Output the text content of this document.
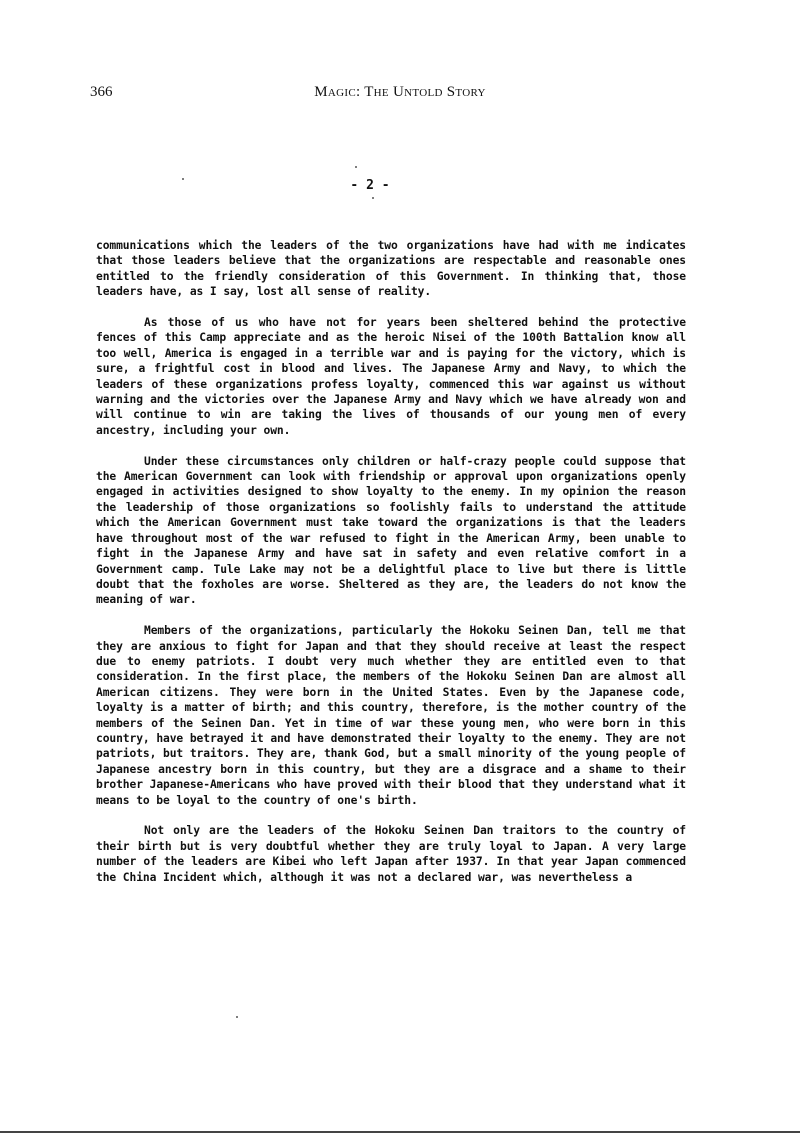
366	Magic: The Untold Story
- 2 -

communications which the leaders of the two organizations have had with me indicates that those leaders believe that the organizations are respectable and reasonable ones entitled to the friendly consideration of this Government. In thinking that, those leaders have, as I say, lost all sense of reality.

As those of us who have not for years been sheltered behind the protective fences of this Camp appreciate and as the heroic Nisei of the 100th Battalion know all too well, America is engaged in a terrible war and is paying for the victory, which is sure, a frightful cost in blood and lives. The Japanese Army and Navy, to which the leaders of these organizations profess loyalty, commenced this war against us without warning and the victories over the Japanese Army and Navy which we have already won and will continue to win are taking the lives of thousands of our young men of every ancestry, including your own.

Under these circumstances only children or half-crazy people could suppose that the American Government can look with friendship or approval upon organizations openly engaged in activities designed to show loyalty to the enemy. In my opinion the reason the leadership of those organizations so foolishly fails to understand the attitude which the American Government must take toward the organizations is that the leaders have throughout most of the war refused to fight in the American Army, been unable to fight in the Japanese Army and have sat in safety and even relative comfort in a Government camp. Tule Lake may not be a delightful place to live but there is little doubt that the foxholes are worse. Sheltered as they are, the leaders do not know the meaning of war.

Members of the organizations, particularly the Hokoku Seinen Dan, tell me that they are anxious to fight for Japan and that they should receive at least the respect due to enemy patriots. I doubt very much whether they are entitled even to that consideration. In the first place, the members of the Hokoku Seinen Dan are almost all American citizens. They were born in the United States. Even by the Japanese code, loyalty is a matter of birth; and this country, therefore, is the mother country of the members of the Seinen Dan. Yet in time of war these young men, who were born in this country, have betrayed it and have demonstrated their loyalty to the enemy. They are not patriots, but traitors. They are, thank God, but a small minority of the young people of Japanese ancestry born in this country, but they are a disgrace and a shame to their brother Japanese-Americans who have proved with their blood that they understand what it means to be loyal to the country of one's birth.

Not only are the leaders of the Hokoku Seinen Dan traitors to the country of their birth but is very doubtful whether they are truly loyal to Japan. A very large number of the leaders are Kibei who left Japan after 1937. In that year Japan commenced the China Incident which, although it was not a declared war, was nevertheless a
